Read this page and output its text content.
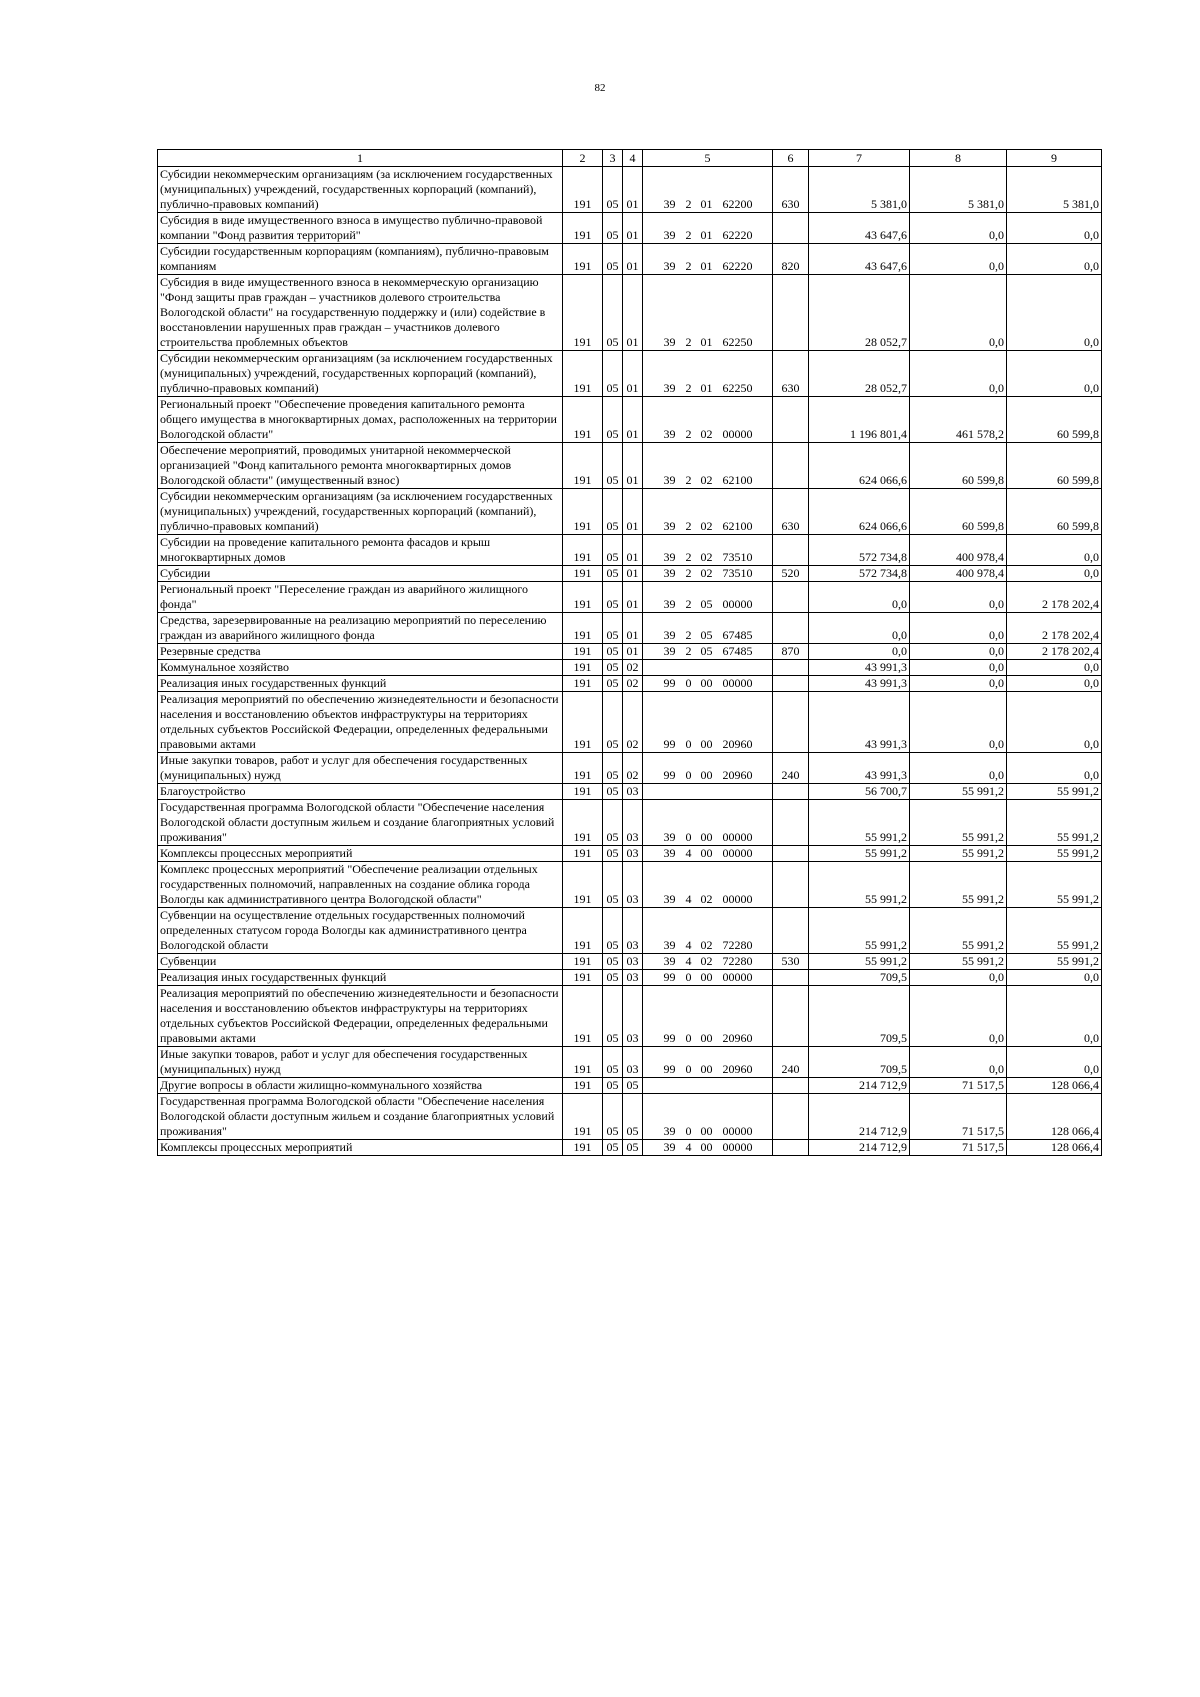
82
1	2	3	4	5	6	7	8	9
Субсидии некоммерческим организациям (за исключением государственных (муниципальных) учреждений, государственных корпораций (компаний), публично-правовых компаний)	191	05	01	39 2 01 62200	630	5 381,0	5 381,0	5 381,0
Субсидия в виде имущественного взноса в имущество публично-правовой компании "Фонд развития территорий"	191	05	01	39 2 01 62220		43 647,6	0,0	0,0
Субсидии государственным корпорациям (компаниям), публично-правовым компаниям	191	05	01	39 2 01 62220	820	43 647,6	0,0	0,0
Субсидия в виде имущественного взноса в некоммерческую организацию "Фонд защиты прав граждан – участников долевого строительства Вологодской области" на государственную поддержку и (или) содействие в восстановлении нарушенных прав граждан – участников долевого строительства проблемных объектов	191	05	01	39 2 01 62250		28 052,7	0,0	0,0
Субсидии некоммерческим организациям (за исключением государственных (муниципальных) учреждений, государственных корпораций (компаний), публично-правовых компаний)	191	05	01	39 2 01 62250	630	28 052,7	0,0	0,0
Региональный проект "Обеспечение проведения капитального ремонта общего имущества в многоквартирных домах, расположенных на территории Вологодской области"	191	05	01	39 2 02 00000		1 196 801,4	461 578,2	60 599,8
Обеспечение мероприятий, проводимых унитарной некоммерческой организацией "Фонд капитального ремонта многоквартирных домов Вологодской области" (имущественный взнос)	191	05	01	39 2 02 62100		624 066,6	60 599,8	60 599,8
Субсидии некоммерческим организациям (за исключением государственных (муниципальных) учреждений, государственных корпораций (компаний), публично-правовых компаний)	191	05	01	39 2 02 62100	630	624 066,6	60 599,8	60 599,8
Субсидии на проведение капитального ремонта фасадов и крыш многоквартирных домов	191	05	01	39 2 02 73510		572 734,8	400 978,4	0,0
Субсидии	191	05	01	39 2 02 73510	520	572 734,8	400 978,4	0,0
Региональный проект "Переселение граждан из аварийного жилищного фонда"	191	05	01	39 2 05 00000		0,0	0,0	2 178 202,4
Средства, зарезервированные на реализацию мероприятий по переселению граждан из аварийного жилищного фонда	191	05	01	39 2 05 67485		0,0	0,0	2 178 202,4
Резервные средства	191	05	01	39 2 05 67485	870	0,0	0,0	2 178 202,4
Коммунальное хозяйство	191	05	02			43 991,3	0,0	0,0
Реализация иных государственных функций	191	05	02	99 0 00 00000		43 991,3	0,0	0,0
Реализация мероприятий по обеспечению жизнедеятельности и безопасности населения и восстановлению объектов инфраструктуры на территориях отдельных субъектов Российской Федерации, определенных федеральными правовыми актами	191	05	02	99 0 00 20960		43 991,3	0,0	0,0
Иные закупки товаров, работ и услуг для обеспечения государственных (муниципальных) нужд	191	05	02	99 0 00 20960	240	43 991,3	0,0	0,0
Благоустройство	191	05	03			56 700,7	55 991,2	55 991,2
Государственная программа Вологодской области "Обеспечение населения Вологодской области доступным жильем и создание благоприятных условий проживания"	191	05	03	39 0 00 00000		55 991,2	55 991,2	55 991,2
Комплексы процессных мероприятий	191	05	03	39 4 00 00000		55 991,2	55 991,2	55 991,2
Комплекс процессных мероприятий "Обеспечение реализации отдельных государственных полномочий, направленных на создание облика города Вологды как административного центра Вологодской области"	191	05	03	39 4 02 00000		55 991,2	55 991,2	55 991,2
Субвенции на осуществление отдельных государственных полномочий определенных статусом города Вологды как административного центра Вологодской области	191	05	03	39 4 02 72280		55 991,2	55 991,2	55 991,2
Субвенции	191	05	03	39 4 02 72280	530	55 991,2	55 991,2	55 991,2
Реализация иных государственных функций	191	05	03	99 0 00 00000		709,5	0,0	0,0
Реализация мероприятий по обеспечению жизнедеятельности и безопасности населения и восстановлению объектов инфраструктуры на территориях отдельных субъектов Российской Федерации, определенных федеральными правовыми актами	191	05	03	99 0 00 20960		709,5	0,0	0,0
Иные закупки товаров, работ и услуг для обеспечения государственных (муниципальных) нужд	191	05	03	99 0 00 20960	240	709,5	0,0	0,0
Другие вопросы в области жилищно-коммунального хозяйства	191	05	05			214 712,9	71 517,5	128 066,4
Государственная программа Вологодской области "Обеспечение населения Вологодской области доступным жильем и создание благоприятных условий проживания"	191	05	05	39 0 00 00000		214 712,9	71 517,5	128 066,4
Комплексы процессных мероприятий	191	05	05	39 4 00 00000		214 712,9	71 517,5	128 066,4
